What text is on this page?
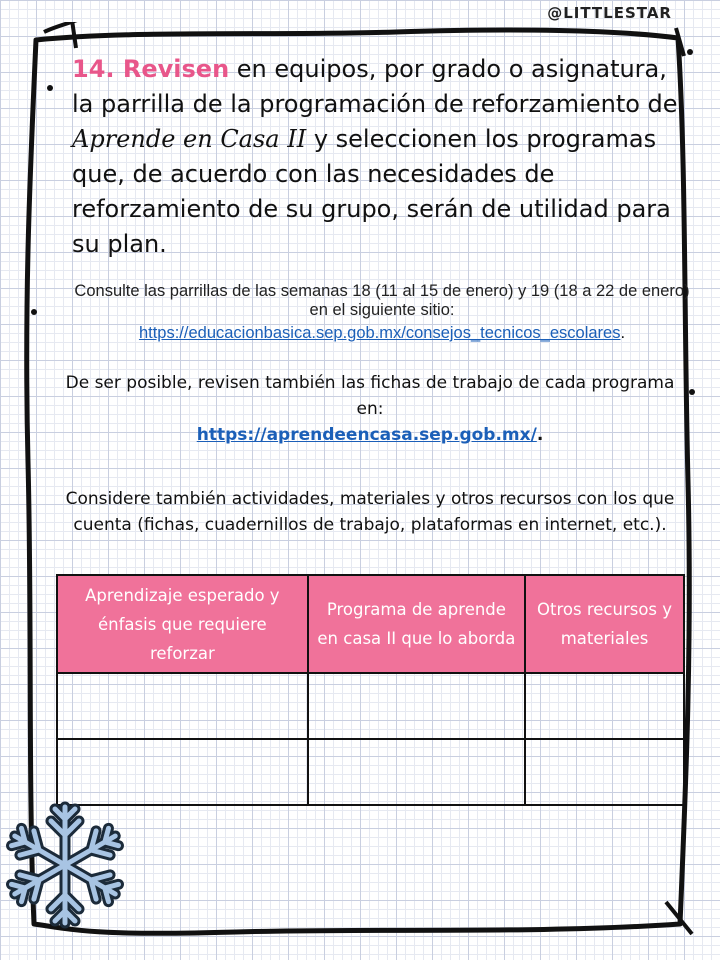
@LITTLESTAR
14. Revisen en equipos, por grado o asignatura, la parrilla de la programación de reforzamiento de Aprende en Casa II y seleccionen los programas que, de acuerdo con las necesidades de reforzamiento de su grupo, serán de utilidad para su plan.
Consulte las parrillas de las semanas 18 (11 al 15 de enero) y 19 (18 a 22 de enero) en el siguiente sitio:
https://educacionbasica.sep.gob.mx/consejos_tecnicos_escolares.
De ser posible, revisen también las fichas de trabajo de cada programa en:
https://aprendeencasa.sep.gob.mx/.
Considere también actividades, materiales y otros recursos con los que cuenta (fichas, cuadernillos de trabajo, plataformas en internet, etc.).
Aprendizaje esperado y énfasis que requiere reforzar	Programa de aprende en casa II que lo aborda	Otros recursos y materiales
